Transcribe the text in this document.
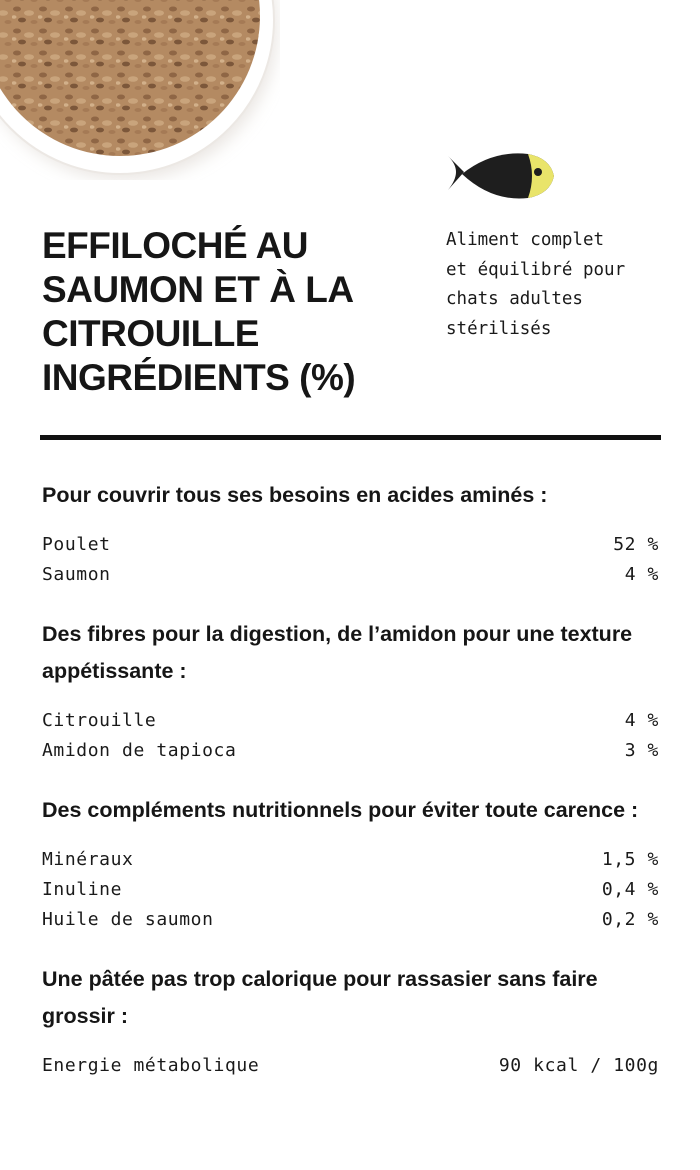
EFFILOCHÉ AU
SAUMON ET À LA
CITROUILLE
INGRÉDIENTS (%)
Aliment complet
et équilibré pour
chats adultes
stérilisés
Pour couvrir tous ses besoins en acides aminés :
Poulet	52 %
Saumon	4 %
Des fibres pour la digestion, de l’amidon pour une texture appétissante :
Citrouille	4 %
Amidon de tapioca	3 %
Des compléments nutritionnels pour éviter toute carence :
Minéraux	1,5 %
Inuline	0,4 %
Huile de saumon	0,2 %
Une pâtée pas trop calorique pour rassasier sans faire grossir :
Energie métabolique	90 kcal / 100g
